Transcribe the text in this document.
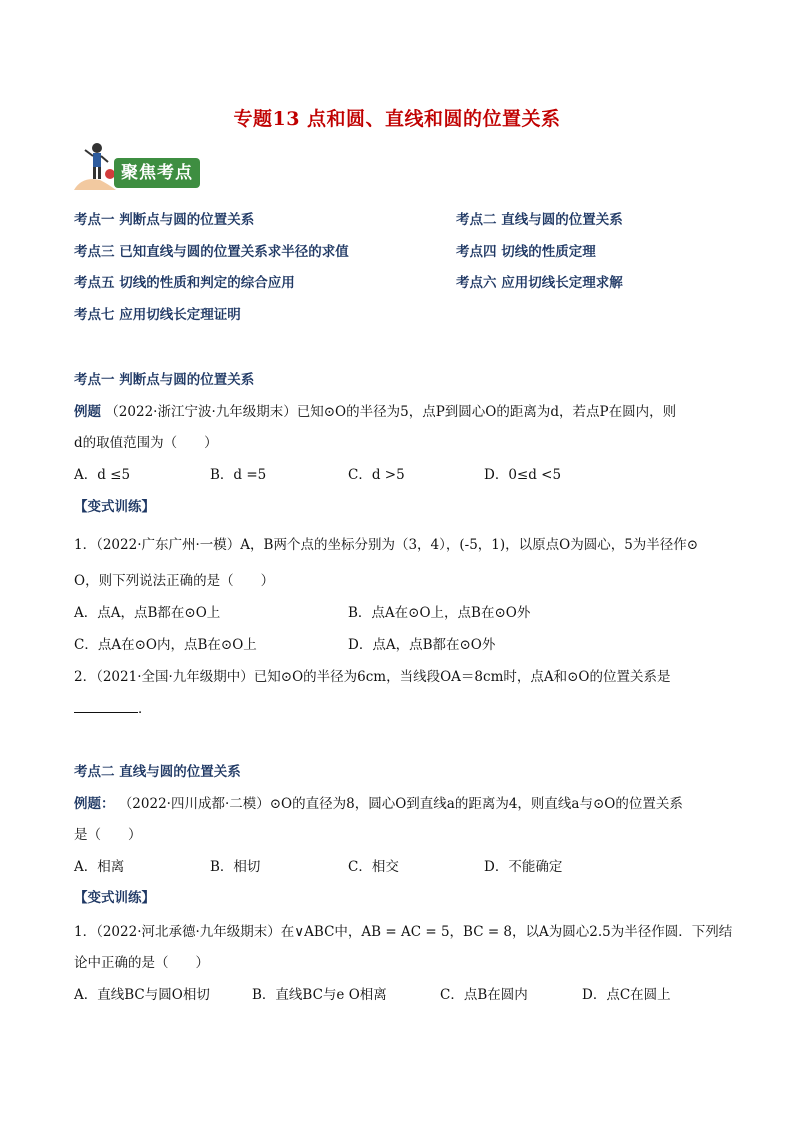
专题13 点和圆、直线和圆的位置关系
聚焦考点
考点一 判断点与圆的位置关系	考点二 直线与圆的位置关系
考点三 已知直线与圆的位置关系求半径的求值	考点四 切线的性质定理
考点五 切线的性质和判定的综合应用	考点六 应用切线长定理求解
考点七 应用切线长定理证明
考点一 判断点与圆的位置关系
例题 （2022·浙江宁波·九年级期末）已知⊙O的半径为5，点P到圆心O的距离为d，若点P在圆内，则
d的取值范围为（　　）
A．d ≤5	B．d =5	C．d >5	D．0≤d <5
【变式训练】
1．（2022·广东广州·一模）A，B两个点的坐标分别为（3，4），(-5，1)，以原点O为圆心，5为半径作⊙
O，则下列说法正确的是（　　）
A．点A，点B都在⊙O上	B．点A在⊙O上，点B在⊙O外
C．点A在⊙O内，点B在⊙O上	D．点A，点B都在⊙O外
2．（2021·全国·九年级期中）已知⊙O的半径为6cm，当线段OA＝8cm时，点A和⊙O的位置关系是
．
考点二 直线与圆的位置关系
例题： （2022·四川成都·二模）⊙O的直径为8，圆心O到直线a的距离为4，则直线a与⊙O的位置关系
是（　　）
A．相离	B．相切	C．相交	D．不能确定
【变式训练】
1．（2022·河北承德·九年级期末）在∨ABC中，AB = AC = 5，BC = 8，以A为圆心2.5为半径作圆．下列结
论中正确的是（　　）
A．直线BC与圆O相切	B．直线BC与e O相离	C．点B在圆内	D．点C在圆上
